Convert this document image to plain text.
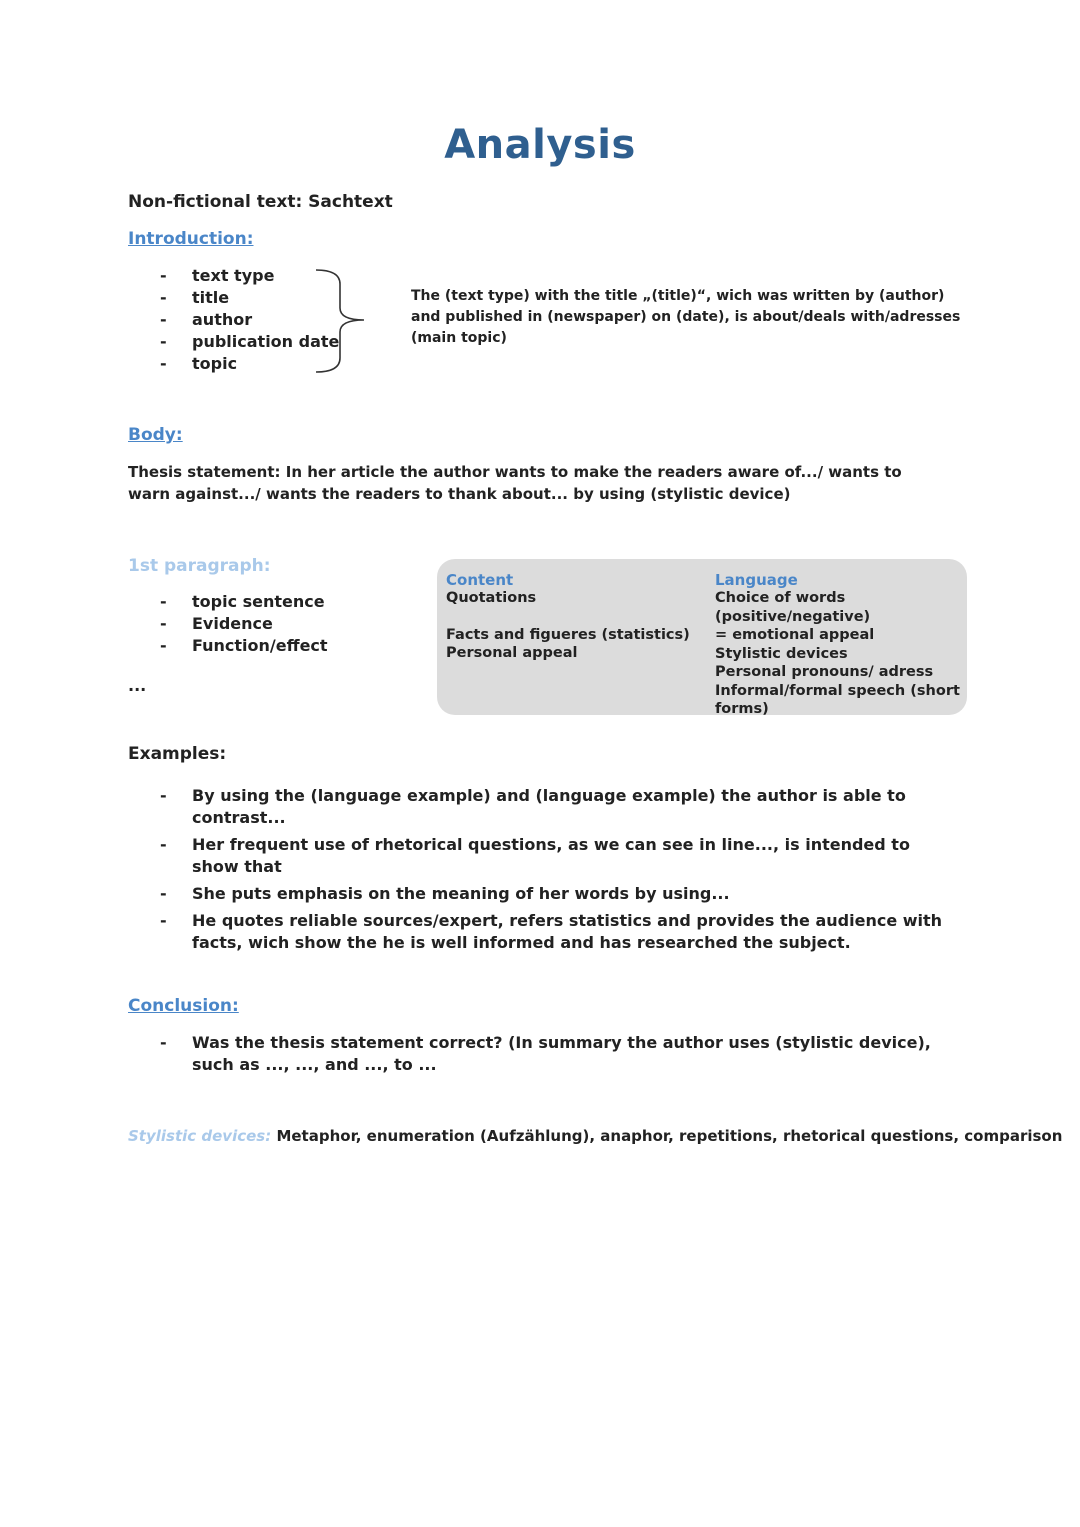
Analysis
Non-fictional text: Sachtext
Introduction:
- text type
- title
- author
- publication date
- topic
The (text type) with the title „(title)“, wich was written by (author) and published in (newspaper) on (date), is about/deals with/adresses (main topic)
Body:
Thesis statement: In her article the author wants to make the readers aware of.../ wants to warn against.../ wants the readers to thank about... by using (stylistic device)
1st paragraph:
- topic sentence
- Evidence
- Function/effect
...
Content
Quotations
Facts and figueres (statistics)
Personal appeal
Language
Choice of words (positive/negative)
= emotional appeal
Stylistic devices
Personal pronouns/ adress
Informal/formal speech (short
forms)
Examples:
- By using the (language example) and (language example) the author is able to contrast...
- Her frequent use of rhetorical questions, as we can see in line..., is intended to show that
- She puts emphasis on the meaning of her words by using...
- He quotes reliable sources/expert, refers statistics and provides the audience with facts, wich show the he is well informed and has researched the subject.
Conclusion:
- Was the thesis statement correct? (In summary the author uses (stylistic device), such as ..., ..., and ..., to ...
Stylistic devices: Metaphor, enumeration (Aufzählung), anaphor, repetitions, rhetorical questions, comparison
